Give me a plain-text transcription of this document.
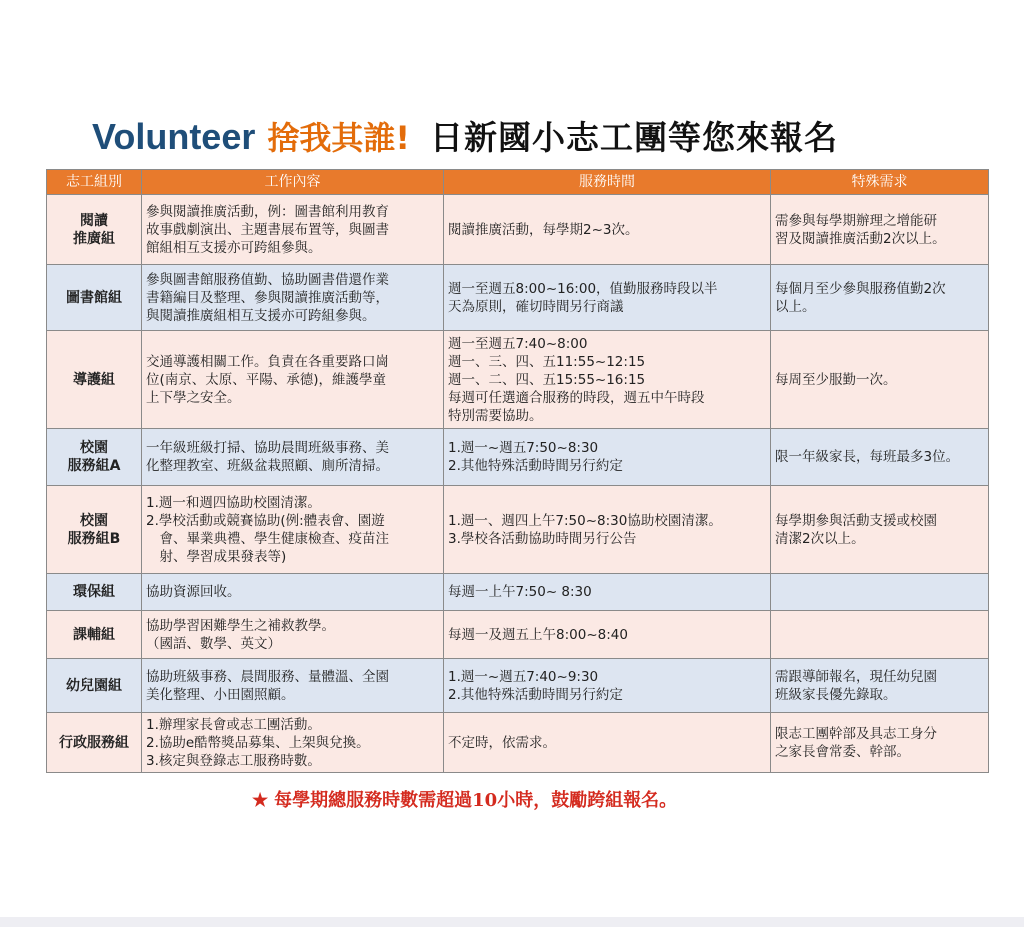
Volunteer 捨我其誰! 日新國小志工團等您來報名
志工組別	工作內容	服務時間	特殊需求

閱讀
推廣組	參與閱讀推廣活動，例：圖書館利用教育
故事戲劇演出、主題書展布置等，與圖書
館組相互支援亦可跨組參與。	閱讀推廣活動，每學期2~3次。	需參與每學期辦理之增能研
習及閱讀推廣活動2次以上。

圖書館組	參與圖書館服務值勤、協助圖書借還作業
書籍編目及整理、參與閱讀推廣活動等，
與閱讀推廣組相互支援亦可跨組參與。	週一至週五8:00~16:00，值勤服務時段以半
天為原則，確切時間另行商議	每個月至少參與服務值勤2次
以上。

導護組	交通導護相關工作。負責在各重要路口崗
位(南京、太原、平陽、承德)，維護學童
上下學之安全。	週一至週五7:40~8:00
週一、三、四、五11:55~12:15
週一、二、四、五15:55~16:15
每週可任選適合服務的時段，週五中午時段
特別需要協助。	每周至少服勤一次。

校園
服務組A	一年級班級打掃、協助晨間班級事務、美
化整理教室、班級盆栽照顧、廁所清掃。	1.週一~週五7:50~8:30
2.其他特殊活動時間另行約定	限一年級家長，每班最多3位。

校園
服務組B	1.週一和週四協助校園清潔。
2.學校活動或競賽協助(例:體表會、園遊
　會、畢業典禮、學生健康檢查、疫苗注
　射、學習成果發表等)	1.週一、週四上午7:50~8:30協助校園清潔。
3.學校各活動協助時間另行公告	每學期參與活動支援或校園
清潔2次以上。

環保組	協助資源回收。	每週一上午7:50~ 8:30	

課輔組	協助學習困難學生之補救教學。
（國語、數學、英文）	每週一及週五上午8:00~8:40	

幼兒園組	協助班級事務、晨間服務、量體溫、全園
美化整理、小田園照顧。	1.週一~週五7:40~9:30
2.其他特殊活動時間另行約定	需跟導師報名，現任幼兒園
班級家長優先錄取。

行政服務組	1.辦理家長會或志工團活動。
2.協助e酷幣獎品募集、上架與兌換。
3.核定與登錄志工服務時數。	不定時，依需求。	限志工團幹部及具志工身分
之家長會常委、幹部。
★ 每學期總服務時數需超過10小時，鼓勵跨組報名。
